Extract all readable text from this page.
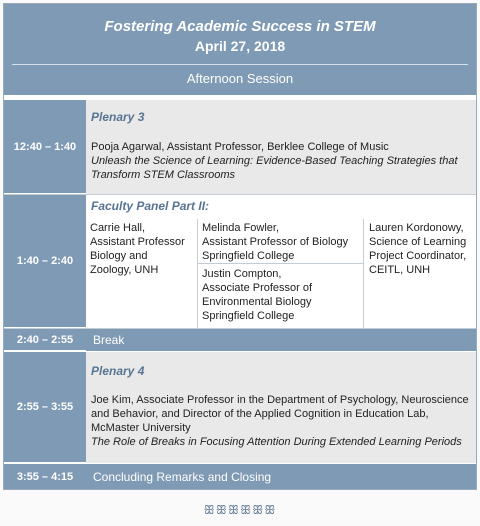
Fostering Academic Success in STEM
April 27, 2018
Afternoon Session
12:40 – 1:40
Plenary 3
Pooja Agarwal, Assistant Professor, Berklee College of Music
Unleash the Science of Learning: Evidence-Based Teaching Strategies that
Transform STEM Classrooms
1:40 – 2:40
Faculty Panel Part II:
Carrie Hall,
Assistant Professor
Biology and
Zoology, UNH
Melinda Fowler,
Assistant Professor of Biology
Springfield College
Justin Compton,
Associate Professor of
Environmental Biology
Springfield College
Lauren Kordonowy,
Science of Learning
Project Coordinator,
CEITL, UNH
2:40 – 2:55	Break
2:55 – 3:55
Plenary 4
Joe Kim, Associate Professor in the Department of Psychology, Neuroscience
and Behavior, and Director of the Applied Cognition in Education Lab,
McMaster University
The Role of Breaks in Focusing Attention During Extended Learning Periods
3:55 – 4:15	Concluding Remarks and Closing
ꕥꕥꕥꕥꕥꕥ
